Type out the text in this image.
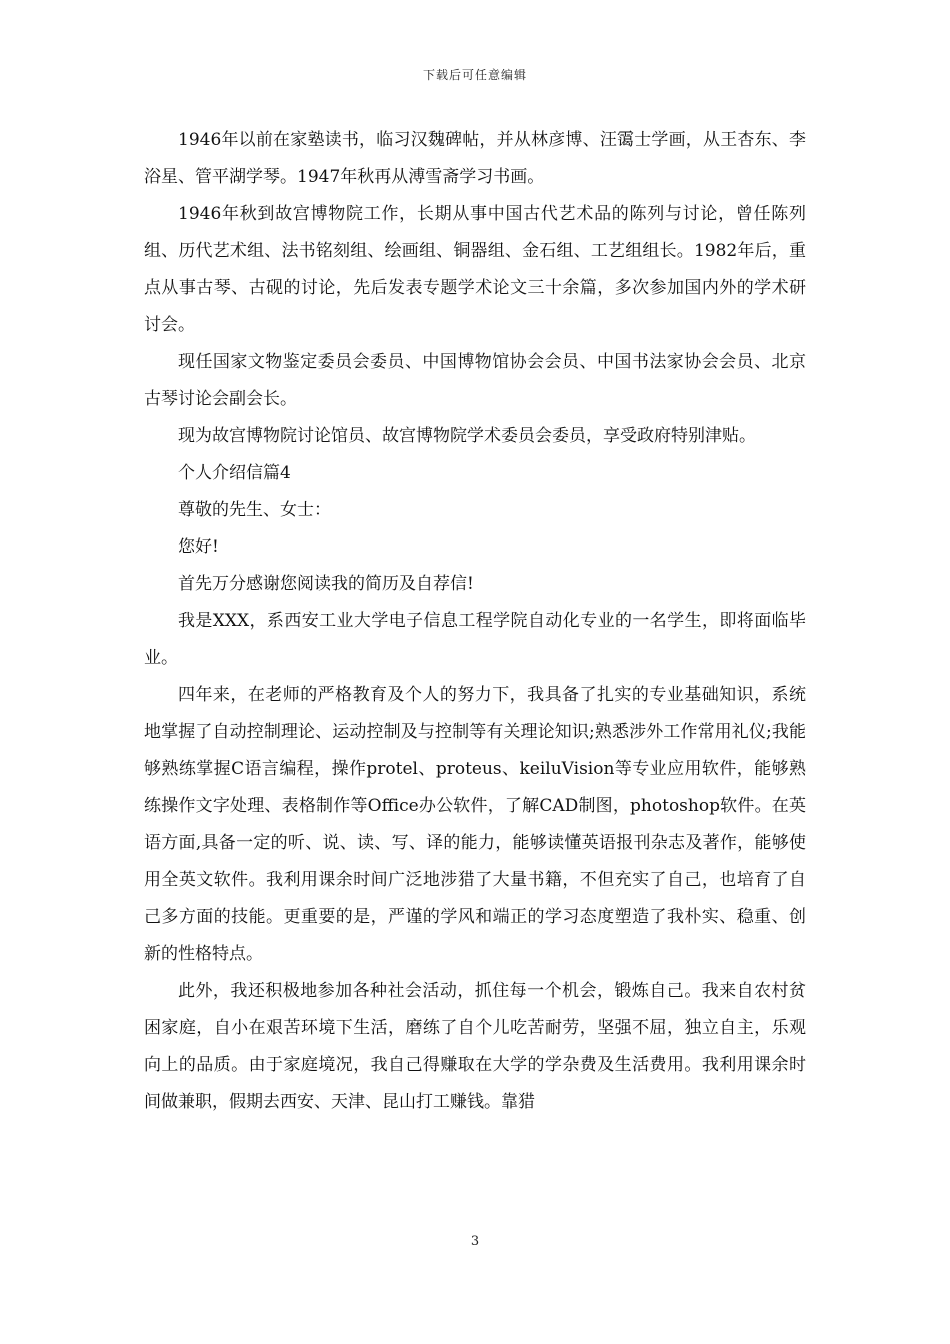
下载后可任意编辑

1946年以前在家塾读书，临习汉魏碑帖，并从林彦博、汪霭士学画，从王杏东、李浴星、管平湖学琴。1947年秋再从溥雪斋学习书画。

1946年秋到故宫博物院工作，长期从事中国古代艺术品的陈列与讨论，曾任陈列组、历代艺术组、法书铭刻组、绘画组、铜器组、金石组、工艺组组长。1982年后，重点从事古琴、古砚的讨论，先后发表专题学术论文三十余篇，多次参加国内外的学术研讨会。

现任国家文物鉴定委员会委员、中国博物馆协会会员、中国书法家协会会员、北京古琴讨论会副会长。

现为故宫博物院讨论馆员、故宫博物院学术委员会委员，享受政府特别津贴。

个人介绍信篇4

尊敬的先生、女士：

您好!

首先万分感谢您阅读我的简历及自荐信!

我是XXX，系西安工业大学电子信息工程学院自动化专业的一名学生，即将面临毕业。

四年来，在老师的严格教育及个人的努力下，我具备了扎实的专业基础知识，系统地掌握了自动控制理论、运动控制及与控制等有关理论知识;熟悉涉外工作常用礼仪;我能够熟练掌握C语言编程，操作protel、proteus、keiluVision等专业应用软件，能够熟练操作文字处理、表格制作等Office办公软件，了解CAD制图，photoshop软件。在英语方面,具备一定的听、说、读、写、译的能力，能够读懂英语报刊杂志及著作，能够使用全英文软件。我利用课余时间广泛地涉猎了大量书籍，不但充实了自己，也培育了自己多方面的技能。更重要的是，严谨的学风和端正的学习态度塑造了我朴实、稳重、创新的性格特点。

此外，我还积极地参加各种社会活动，抓住每一个机会，锻炼自己。我来自农村贫困家庭，自小在艰苦环境下生活，磨练了自个儿吃苦耐劳，坚强不屈，独立自主，乐观向上的品质。由于家庭境况，我自己得赚取在大学的学杂费及生活费用。我利用课余时间做兼职，假期去西安、天津、昆山打工赚钱。靠猎

3
